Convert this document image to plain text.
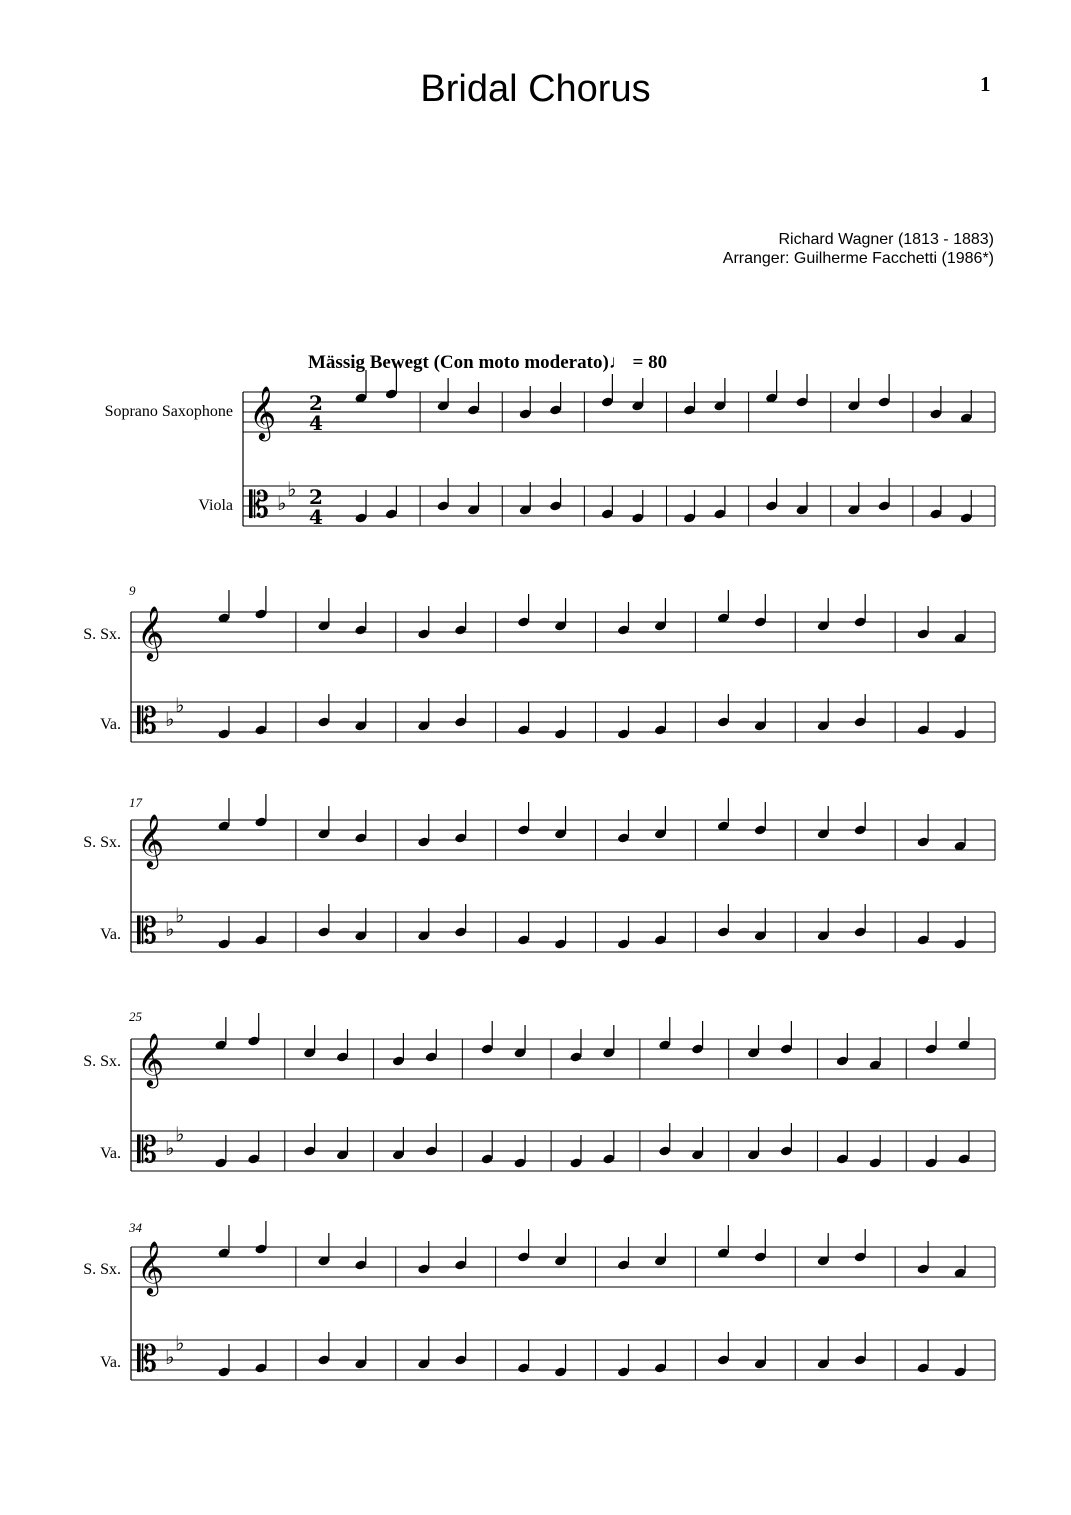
Bridal Chorus	1
Richard Wagner (1813 - 1883)
Arranger: Guilherme Facchetti (1986*)
Mässig Bewegt (Con moto moderato)♩ = 80
Soprano Saxophone
Viola
S. Sx.
Va.
S. Sx.
Va.
S. Sx.
Va.
S. Sx.
Va.
9
17
25
34
𝄞 2
4
𝄡 ♭
♭ 2
4
𝄞
𝄡 ♭
♭
𝄞
𝄡 ♭
♭
𝄞
𝄡 ♭
♭
𝄞
𝄡 ♭
♭
